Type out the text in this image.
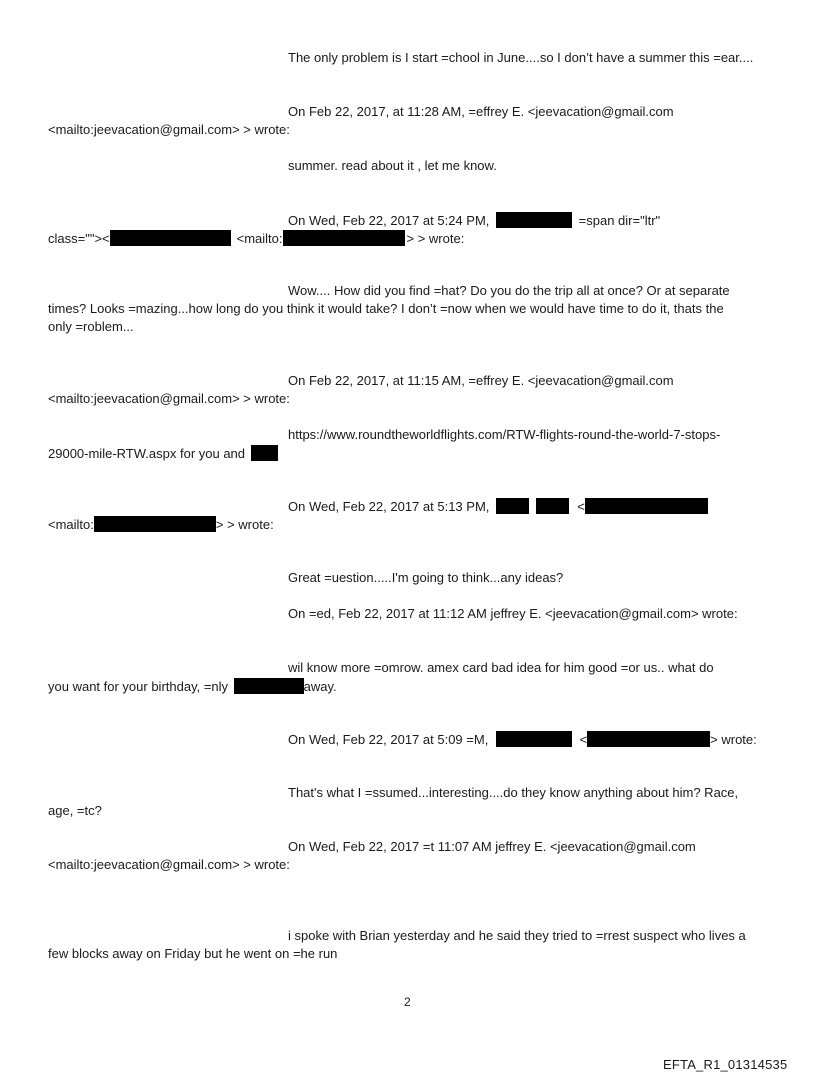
The only problem is I start =chool in June....so I don’t have a summer this =ear....
On Feb 22, 2017, at 11:28 AM, =effrey E. <jeevacation@gmail.com
<mailto:jeevacation@gmail.com> > wrote:
summer. read about it , let me know.
On Wed, Feb 22, 2017 at 5:24 PM,	=span dir="ltr"
class=""><	<mailto:	> > wrote:
Wow.... How did you find =hat? Do you do the trip all at once? Or at separate
times? Looks =mazing...how long do you think it would take? I don’t =now when we would have time to do it, thats the
only =roblem...
On Feb 22, 2017, at 11:15 AM, =effrey E. <jeevacation@gmail.com
<mailto:jeevacation@gmail.com> > wrote:
https://www.roundtheworldflights.com/RTW-flights-round-the-world-7-stops-
29000-mile-RTW.aspx for you and
On Wed, Feb 22, 2017 at 5:13 PM,	<
<mailto:	> > wrote:
Great =uestion.....I'm going to think...any ideas?
On =ed, Feb 22, 2017 at 11:12 AM jeffrey E. <jeevacation@gmail.com> wrote:
wil know more =omrow. amex card bad idea for him good =or us.. what do
you want for your birthday, =nly	away.
On Wed, Feb 22, 2017 at 5:09 =M,	<	> wrote:
That's what I =ssumed...interesting....do they know anything about him? Race,
age, =tc?
On Wed, Feb 22, 2017 =t 11:07 AM jeffrey E. <jeevacation@gmail.com
<mailto:jeevacation@gmail.com> > wrote:
i spoke with Brian yesterday and he said they tried to =rrest suspect who lives a
few blocks away on Friday but he went on =he run
2
EFTA_R1_01314535
